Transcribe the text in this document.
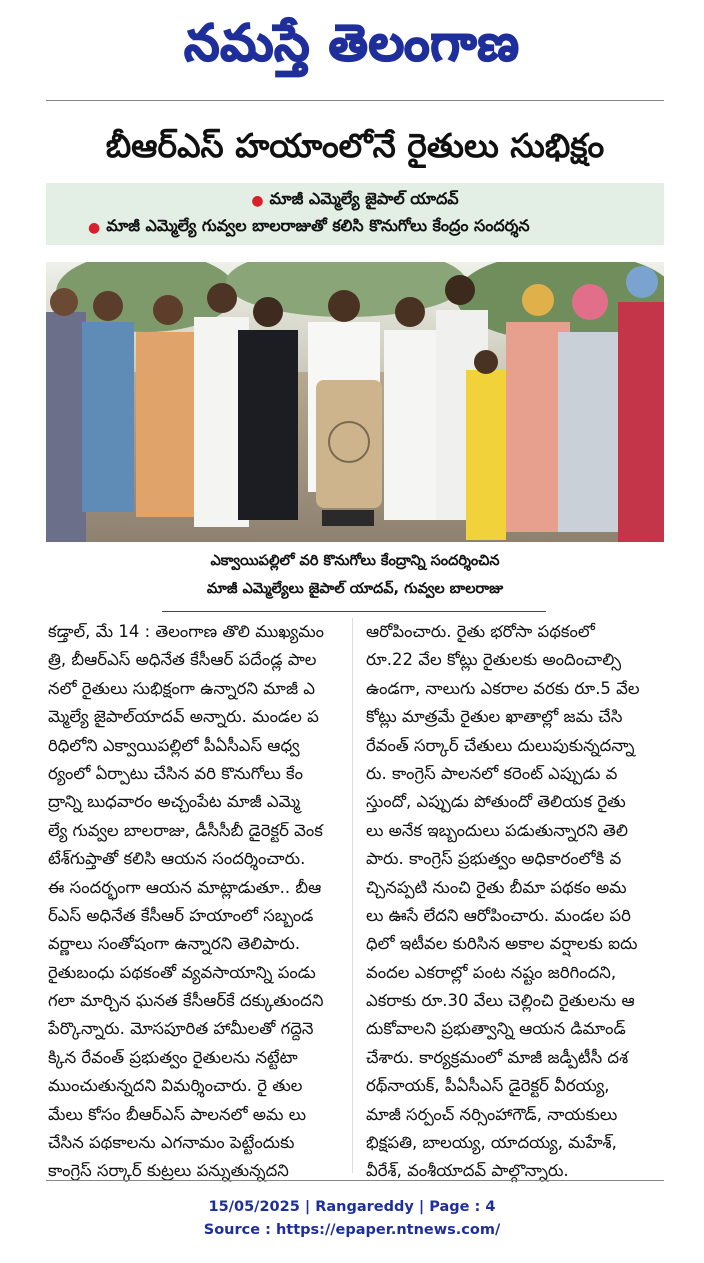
నమస్తే తెలంగాణ
బీఆర్ఎస్ హయాంలోనే రైతులు సుభిక్షం
● మాజీ ఎమ్మెల్యే జైపాల్ యాదవ్
● మాజీ ఎమ్మెల్యే గువ్వల బాలరాజుతో కలిసి కొనుగోలు కేంద్రం సందర్శన
ఎక్వాయిపల్లిలో వరి కొనుగోలు కేంద్రాన్ని సందర్శించిన
మాజీ ఎమ్మెల్యేలు జైపాల్ యాదవ్, గువ్వల బాలరాజు
కడ్తాల్, మే 14 : తెలంగాణ తొలి ముఖ్యమం
త్రి, బీఆర్ఎస్ అధినేత కేసీఆర్ పదేండ్ల పాల
నలో రైతులు సుభిక్షంగా ఉన్నారని మాజీ ఎ
మ్మెల్యే జైపాల్‌యాదవ్ అన్నారు. మండల ప
రిధిలోని ఎక్వాయిపల్లిలో పీఏసీఎస్ ఆధ్వ
ర్యంలో ఏర్పాటు చేసిన వరి కొనుగోలు కేం
ద్రాన్ని బుధవారం అచ్చంపేట మాజీ ఎమ్మె
ల్యే గువ్వల బాలరాజు, డీసీసీబీ డైరెక్టర్ వెంక
టేశ్‌గుప్తాతో కలిసి ఆయన సందర్శించారు.
ఈ సందర్భంగా ఆయన మాట్లాడుతూ.. బీఆ
ర్ఎస్ అధినేత కేసీఆర్ హయాంలో సబ్బండ
వర్ణాలు సంతోషంగా ఉన్నారని తెలిపారు.
రైతుబంధు పథకంతో వ్యవసాయాన్ని పండు
గలా మార్చిన ఘనత కేసీఆర్‌కే దక్కుతుందని
పేర్కొన్నారు. మోసపూరిత హామీలతో గద్దెనె
క్కిన రేవంత్ ప్రభుత్వం రైతులను నట్టేటా
ముంచుతున్నదని విమర్శించారు. రై తుల
మేలు కోసం బీఆర్ఎస్ పాలనలో అమ లు
చేసిన పథకాలను ఎగనామం పెట్టేందుకు
కాంగ్రెస్ సర్కార్ కుట్రలు పన్నుతున్నదని
ఆరోపించారు. రైతు భరోసా పథకంలో
రూ.22 వేల కోట్లు రైతులకు అందించాల్సి
ఉండగా, నాలుగు ఎకరాల వరకు రూ.5 వేల
కోట్లు మాత్రమే రైతుల ఖాతాల్లో జమ చేసి
రేవంత్ సర్కార్ చేతులు దులుపుకున్నదన్నా
రు. కాంగ్రెస్ పాలనలో కరెంట్ ఎప్పుడు వ
స్తుందో, ఎప్పుడు పోతుందో తెలియక రైతు
లు అనేక ఇబ్బందులు పడుతున్నారని తెలి
పారు. కాంగ్రెస్ ప్రభుత్వం అధికారంలోకి వ
చ్చినప్పటి నుంచి రైతు బీమా పథకం అమ
లు ఊసే లేదని ఆరోపించారు. మండల పరి
ధిలో ఇటీవల కురిసిన అకాల వర్షాలకు ఐదు
వందల ఎకరాల్లో పంట నష్టం జరిగిందని,
ఎకరాకు రూ.30 వేలు చెల్లించి రైతులను ఆ
దుకోవాలని ప్రభుత్వాన్ని ఆయన డిమాండ్
చేశారు. కార్యక్రమంలో మాజీ జడ్పీటీసీ దశ
రథ్‌నాయక్, పీఏసీఎస్ డైరెక్టర్ వీరయ్య,
మాజీ సర్పంచ్ నర్సింహాగౌడ్, నాయకులు
భిక్షపతి, బాలయ్య, యాదయ్య, మహేశ్,
వీరేశ్, వంశీయాదవ్ పాల్గొన్నారు.
15/05/2025 | Rangareddy | Page : 4
Source : https://epaper.ntnews.com/
